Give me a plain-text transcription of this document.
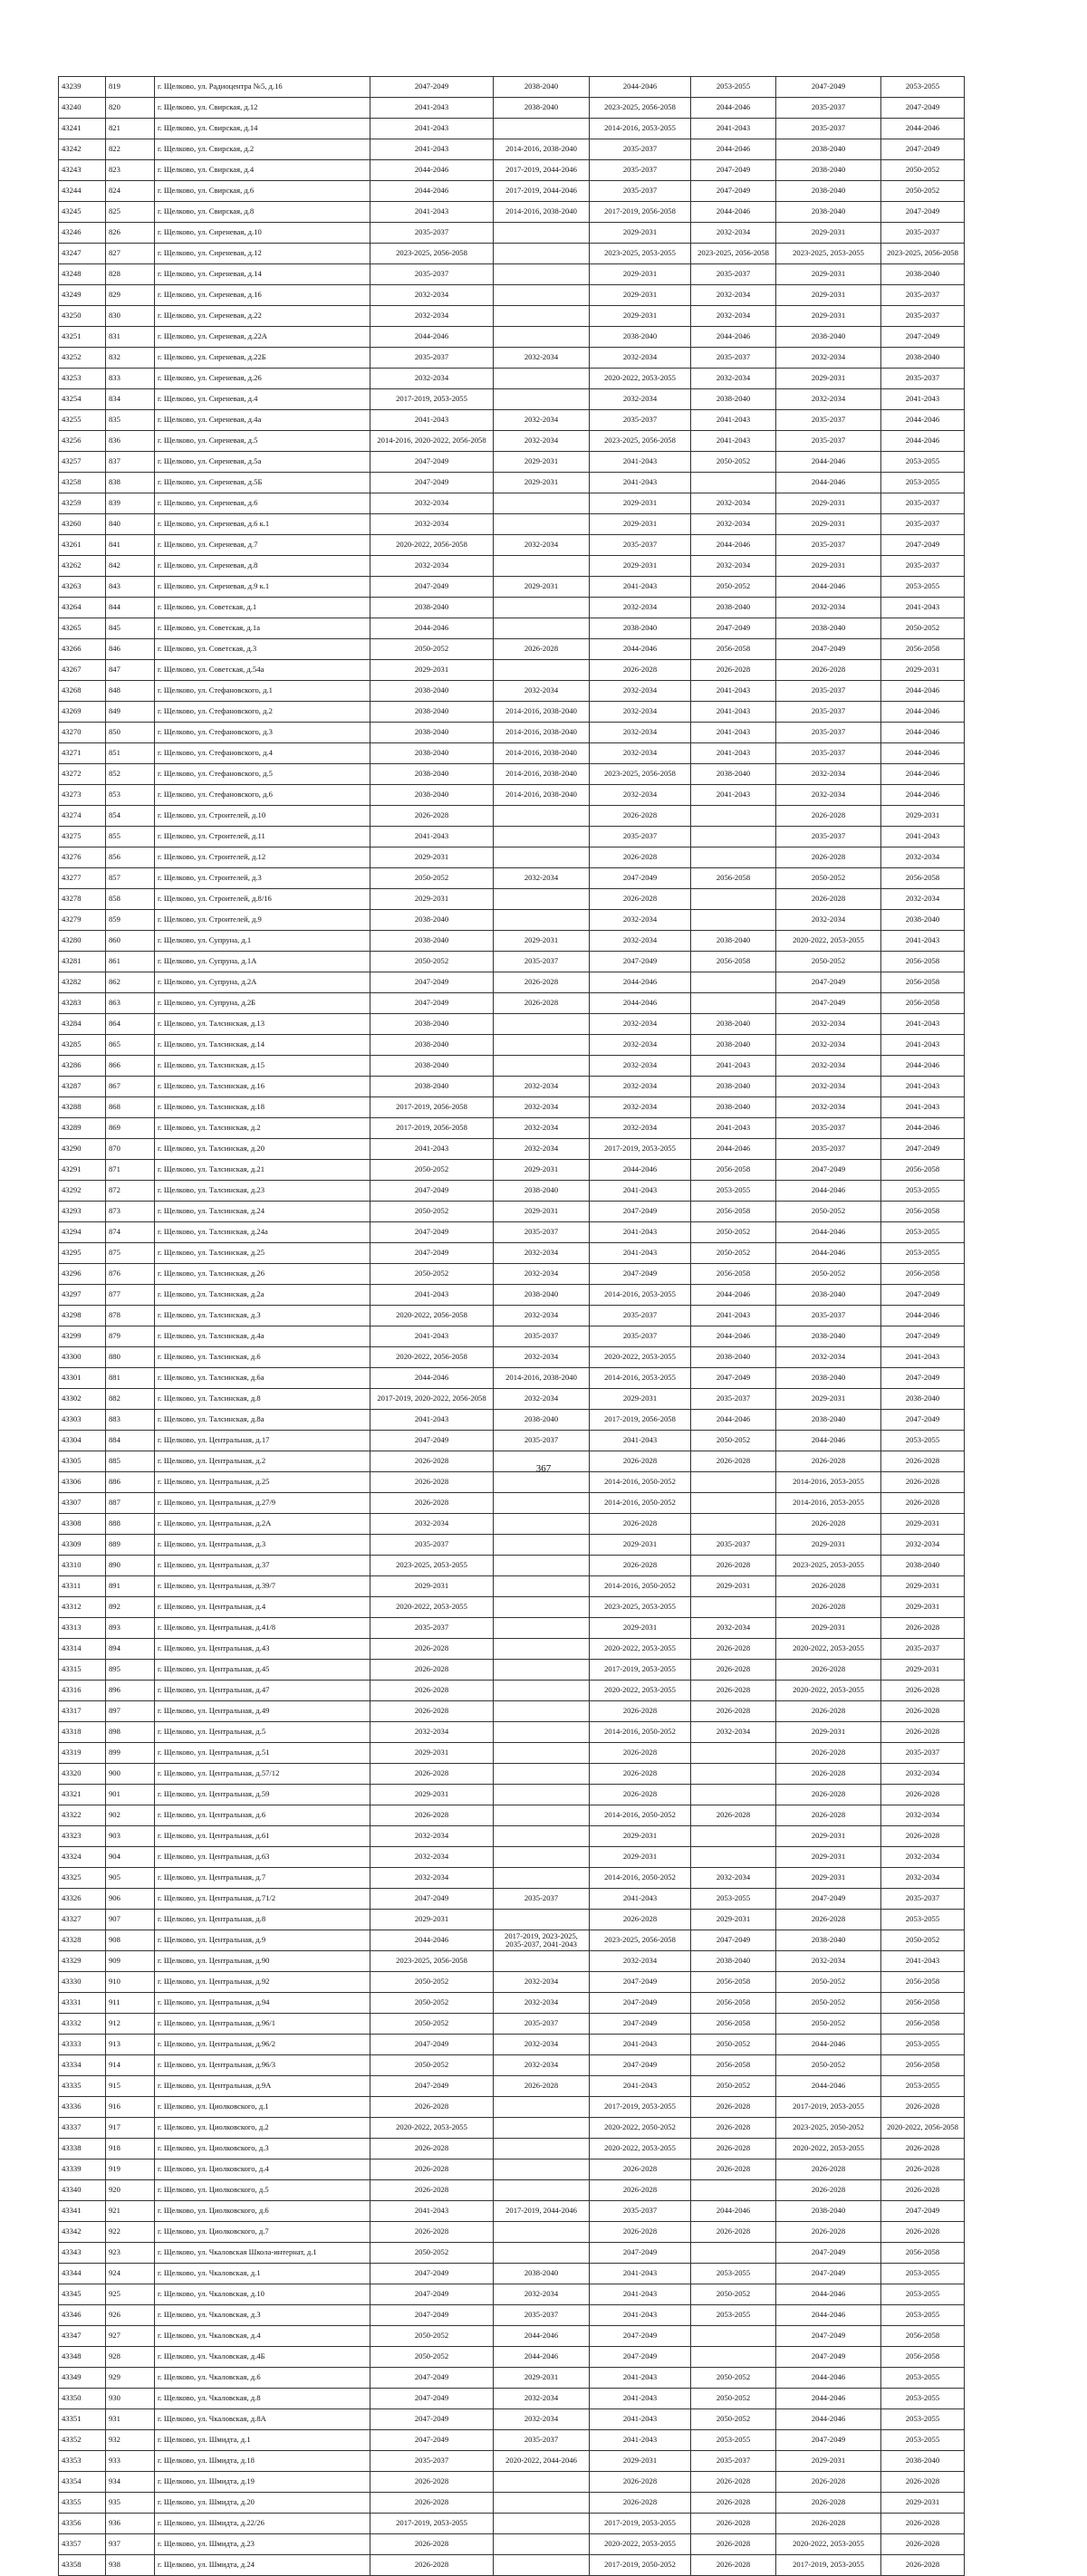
43239	819	г. Щелково, ул. Радиоцентра №5, д.16	2047-2049	2038-2040	2044-2046	2053-2055	2047-2049	2053-2055
43240	820	г. Щелково, ул. Свирская, д.12	2041-2043	2038-2040	2023-2025, 2056-2058	2044-2046	2035-2037	2047-2049
43241	821	г. Щелково, ул. Свирская, д.14	2041-2043		2014-2016, 2053-2055	2041-2043	2035-2037	2044-2046
43242	822	г. Щелково, ул. Свирская, д.2	2041-2043	2014-2016, 2038-2040	2035-2037	2044-2046	2038-2040	2047-2049
43243	823	г. Щелково, ул. Свирская, д.4	2044-2046	2017-2019, 2044-2046	2035-2037	2047-2049	2038-2040	2050-2052
43244	824	г. Щелково, ул. Свирская, д.6	2044-2046	2017-2019, 2044-2046	2035-2037	2047-2049	2038-2040	2050-2052
43245	825	г. Щелково, ул. Свирская, д.8	2041-2043	2014-2016, 2038-2040	2017-2019, 2056-2058	2044-2046	2038-2040	2047-2049
43246	826	г. Щелково, ул. Сиреневая, д.10	2035-2037		2029-2031	2032-2034	2029-2031	2035-2037
43247	827	г. Щелково, ул. Сиреневая, д.12	2023-2025, 2056-2058		2023-2025, 2053-2055	2023-2025, 2056-2058	2023-2025, 2053-2055	2023-2025, 2056-2058
43248	828	г. Щелково, ул. Сиреневая, д.14	2035-2037		2029-2031	2035-2037	2029-2031	2038-2040
43249	829	г. Щелково, ул. Сиреневая, д.16	2032-2034		2029-2031	2032-2034	2029-2031	2035-2037
43250	830	г. Щелково, ул. Сиреневая, д.22	2032-2034		2029-2031	2032-2034	2029-2031	2035-2037
43251	831	г. Щелково, ул. Сиреневая, д.22А	2044-2046		2038-2040	2044-2046	2038-2040	2047-2049
43252	832	г. Щелково, ул. Сиреневая, д.22Б	2035-2037	2032-2034	2032-2034	2035-2037	2032-2034	2038-2040
43253	833	г. Щелково, ул. Сиреневая, д.26	2032-2034		2020-2022, 2053-2055	2032-2034	2029-2031	2035-2037
43254	834	г. Щелково, ул. Сиреневая, д.4	2017-2019, 2053-2055		2032-2034	2038-2040	2032-2034	2041-2043
43255	835	г. Щелково, ул. Сиреневая, д.4а	2041-2043	2032-2034	2035-2037	2041-2043	2035-2037	2044-2046
43256	836	г. Щелково, ул. Сиреневая, д.5	2014-2016, 2020-2022, 2056-2058	2032-2034	2023-2025, 2056-2058	2041-2043	2035-2037	2044-2046
43257	837	г. Щелково, ул. Сиреневая, д.5а	2047-2049	2029-2031	2041-2043	2050-2052	2044-2046	2053-2055
43258	838	г. Щелково, ул. Сиреневая, д.5Б	2047-2049	2029-2031	2041-2043		2044-2046	2053-2055
43259	839	г. Щелково, ул. Сиреневая, д.6	2032-2034		2029-2031	2032-2034	2029-2031	2035-2037
43260	840	г. Щелково, ул. Сиреневая, д.6 к.1	2032-2034		2029-2031	2032-2034	2029-2031	2035-2037
43261	841	г. Щелково, ул. Сиреневая, д.7	2020-2022, 2056-2058	2032-2034	2035-2037	2044-2046	2035-2037	2047-2049
43262	842	г. Щелково, ул. Сиреневая, д.8	2032-2034		2029-2031	2032-2034	2029-2031	2035-2037
43263	843	г. Щелково, ул. Сиреневая, д.9 к.1	2047-2049	2029-2031	2041-2043	2050-2052	2044-2046	2053-2055
43264	844	г. Щелково, ул. Советская, д.1	2038-2040		2032-2034	2038-2040	2032-2034	2041-2043
43265	845	г. Щелково, ул. Советская, д.1а	2044-2046		2038-2040	2047-2049	2038-2040	2050-2052
43266	846	г. Щелково, ул. Советская, д.3	2050-2052	2026-2028	2044-2046	2056-2058	2047-2049	2056-2058
43267	847	г. Щелково, ул. Советская, д.54а	2029-2031		2026-2028	2026-2028	2026-2028	2029-2031
43268	848	г. Щелково, ул. Стефановского, д.1	2038-2040	2032-2034	2032-2034	2041-2043	2035-2037	2044-2046
43269	849	г. Щелково, ул. Стефановского, д.2	2038-2040	2014-2016, 2038-2040	2032-2034	2041-2043	2035-2037	2044-2046
43270	850	г. Щелково, ул. Стефановского, д.3	2038-2040	2014-2016, 2038-2040	2032-2034	2041-2043	2035-2037	2044-2046
43271	851	г. Щелково, ул. Стефановского, д.4	2038-2040	2014-2016, 2038-2040	2032-2034	2041-2043	2035-2037	2044-2046
43272	852	г. Щелково, ул. Стефановского, д.5	2038-2040	2014-2016, 2038-2040	2023-2025, 2056-2058	2038-2040	2032-2034	2044-2046
43273	853	г. Щелково, ул. Стефановского, д.6	2038-2040	2014-2016, 2038-2040	2032-2034	2041-2043	2032-2034	2044-2046
43274	854	г. Щелково, ул. Строителей, д.10	2026-2028		2026-2028		2026-2028	2029-2031
43275	855	г. Щелково, ул. Строителей, д.11	2041-2043		2035-2037		2035-2037	2041-2043
43276	856	г. Щелково, ул. Строителей, д.12	2029-2031		2026-2028		2026-2028	2032-2034
43277	857	г. Щелково, ул. Строителей, д.3	2050-2052	2032-2034	2047-2049	2056-2058	2050-2052	2056-2058
43278	858	г. Щелково, ул. Строителей, д.8/16	2029-2031		2026-2028		2026-2028	2032-2034
43279	859	г. Щелково, ул. Строителей, д.9	2038-2040		2032-2034		2032-2034	2038-2040
43280	860	г. Щелково, ул. Супруна, д.1	2038-2040	2029-2031	2032-2034	2038-2040	2020-2022, 2053-2055	2041-2043
43281	861	г. Щелково, ул. Супруна, д.1А	2050-2052	2035-2037	2047-2049	2056-2058	2050-2052	2056-2058
43282	862	г. Щелково, ул. Супруна, д.2А	2047-2049	2026-2028	2044-2046		2047-2049	2056-2058
43283	863	г. Щелково, ул. Супруна, д.2Б	2047-2049	2026-2028	2044-2046		2047-2049	2056-2058
43284	864	г. Щелково, ул. Талсинская, д.13	2038-2040		2032-2034	2038-2040	2032-2034	2041-2043
43285	865	г. Щелково, ул. Талсинская, д.14	2038-2040		2032-2034	2038-2040	2032-2034	2041-2043
43286	866	г. Щелково, ул. Талсинская, д.15	2038-2040		2032-2034	2041-2043	2032-2034	2044-2046
43287	867	г. Щелково, ул. Талсинская, д.16	2038-2040	2032-2034	2032-2034	2038-2040	2032-2034	2041-2043
43288	868	г. Щелково, ул. Талсинская, д.18	2017-2019, 2056-2058	2032-2034	2032-2034	2038-2040	2032-2034	2041-2043
43289	869	г. Щелково, ул. Талсинская, д.2	2017-2019, 2056-2058	2032-2034	2032-2034	2041-2043	2035-2037	2044-2046
43290	870	г. Щелково, ул. Талсинская, д.20	2041-2043	2032-2034	2017-2019, 2053-2055	2044-2046	2035-2037	2047-2049
43291	871	г. Щелково, ул. Талсинская, д.21	2050-2052	2029-2031	2044-2046	2056-2058	2047-2049	2056-2058
43292	872	г. Щелково, ул. Талсинская, д.23	2047-2049	2038-2040	2041-2043	2053-2055	2044-2046	2053-2055
43293	873	г. Щелково, ул. Талсинская, д.24	2050-2052	2029-2031	2047-2049	2056-2058	2050-2052	2056-2058
43294	874	г. Щелково, ул. Талсинская, д.24а	2047-2049	2035-2037	2041-2043	2050-2052	2044-2046	2053-2055
43295	875	г. Щелково, ул. Талсинская, д.25	2047-2049	2032-2034	2041-2043	2050-2052	2044-2046	2053-2055
43296	876	г. Щелково, ул. Талсинская, д.26	2050-2052	2032-2034	2047-2049	2056-2058	2050-2052	2056-2058
43297	877	г. Щелково, ул. Талсинская, д.2а	2041-2043	2038-2040	2014-2016, 2053-2055	2044-2046	2038-2040	2047-2049
43298	878	г. Щелково, ул. Талсинская, д.3	2020-2022, 2056-2058	2032-2034	2035-2037	2041-2043	2035-2037	2044-2046
43299	879	г. Щелково, ул. Талсинская, д.4а	2041-2043	2035-2037	2035-2037	2044-2046	2038-2040	2047-2049
43300	880	г. Щелково, ул. Талсинская, д.6	2020-2022, 2056-2058	2032-2034	2020-2022, 2053-2055	2038-2040	2032-2034	2041-2043
43301	881	г. Щелково, ул. Талсинская, д.6а	2044-2046	2014-2016, 2038-2040	2014-2016, 2053-2055	2047-2049	2038-2040	2047-2049
43302	882	г. Щелково, ул. Талсинская, д.8	2017-2019, 2020-2022, 2056-2058	2032-2034	2029-2031	2035-2037	2029-2031	2038-2040
43303	883	г. Щелково, ул. Талсинская, д.8а	2041-2043	2038-2040	2017-2019, 2056-2058	2044-2046	2038-2040	2047-2049
43304	884	г. Щелково, ул. Центральная, д.17	2047-2049	2035-2037	2041-2043	2050-2052	2044-2046	2053-2055
43305	885	г. Щелково, ул. Центральная, д.2	2026-2028		2026-2028	2026-2028	2026-2028	2026-2028
43306	886	г. Щелково, ул. Центральная, д.25	2026-2028		2014-2016, 2050-2052		2014-2016, 2053-2055	2026-2028
43307	887	г. Щелково, ул. Центральная, д.27/9	2026-2028		2014-2016, 2050-2052		2014-2016, 2053-2055	2026-2028
43308	888	г. Щелково, ул. Центральная, д.2А	2032-2034		2026-2028		2026-2028	2029-2031
43309	889	г. Щелково, ул. Центральная, д.3	2035-2037		2029-2031	2035-2037	2029-2031	2032-2034
43310	890	г. Щелково, ул. Центральная, д.37	2023-2025, 2053-2055		2026-2028	2026-2028	2023-2025, 2053-2055	2038-2040
43311	891	г. Щелково, ул. Центральная, д.39/7	2029-2031		2014-2016, 2050-2052	2029-2031	2026-2028	2029-2031
43312	892	г. Щелково, ул. Центральная, д.4	2020-2022, 2053-2055		2023-2025, 2053-2055		2026-2028	2029-2031
43313	893	г. Щелково, ул. Центральная, д.41/8	2035-2037		2029-2031	2032-2034	2029-2031	2026-2028
43314	894	г. Щелково, ул. Центральная, д.43	2026-2028		2020-2022, 2053-2055	2026-2028	2020-2022, 2053-2055	2035-2037
43315	895	г. Щелково, ул. Центральная, д.45	2026-2028		2017-2019, 2053-2055	2026-2028	2026-2028	2029-2031
43316	896	г. Щелково, ул. Центральная, д.47	2026-2028		2020-2022, 2053-2055	2026-2028	2020-2022, 2053-2055	2026-2028
43317	897	г. Щелково, ул. Центральная, д.49	2026-2028		2026-2028	2026-2028	2026-2028	2026-2028
43318	898	г. Щелково, ул. Центральная, д.5	2032-2034		2014-2016, 2050-2052	2032-2034	2029-2031	2026-2028
43319	899	г. Щелково, ул. Центральная, д.51	2029-2031		2026-2028		2026-2028	2035-2037
43320	900	г. Щелково, ул. Центральная, д.57/12	2026-2028		2026-2028		2026-2028	2032-2034
43321	901	г. Щелково, ул. Центральная, д.59	2029-2031		2026-2028		2026-2028	2026-2028
43322	902	г. Щелково, ул. Центральная, д.6	2026-2028		2014-2016, 2050-2052	2026-2028	2026-2028	2032-2034
43323	903	г. Щелково, ул. Центральная, д.61	2032-2034		2029-2031		2029-2031	2026-2028
43324	904	г. Щелково, ул. Центральная, д.63	2032-2034		2029-2031		2029-2031	2032-2034
43325	905	г. Щелково, ул. Центральная, д.7	2032-2034		2014-2016, 2050-2052	2032-2034	2029-2031	2032-2034
43326	906	г. Щелково, ул. Центральная, д.71/2	2047-2049	2035-2037	2041-2043	2053-2055	2047-2049	2035-2037
43327	907	г. Щелково, ул. Центральная, д.8	2029-2031		2026-2028	2029-2031	2026-2028	2053-2055
43328	908	г. Щелково, ул. Центральная, д.9	2044-2046	2017-2019, 2023-2025, 2035-2037, 2041-2043	2023-2025, 2056-2058	2047-2049	2038-2040	2050-2052
43329	909	г. Щелково, ул. Центральная, д.90	2023-2025, 2056-2058		2032-2034	2038-2040	2032-2034	2041-2043
43330	910	г. Щелково, ул. Центральная, д.92	2050-2052	2032-2034	2047-2049	2056-2058	2050-2052	2056-2058
43331	911	г. Щелково, ул. Центральная, д.94	2050-2052	2032-2034	2047-2049	2056-2058	2050-2052	2056-2058
43332	912	г. Щелково, ул. Центральная, д.96/1	2050-2052	2035-2037	2047-2049	2056-2058	2050-2052	2056-2058
43333	913	г. Щелково, ул. Центральная, д.96/2	2047-2049	2032-2034	2041-2043	2050-2052	2044-2046	2053-2055
43334	914	г. Щелково, ул. Центральная, д.96/3	2050-2052	2032-2034	2047-2049	2056-2058	2050-2052	2056-2058
43335	915	г. Щелково, ул. Центральная, д.9А	2047-2049	2026-2028	2041-2043	2050-2052	2044-2046	2053-2055
43336	916	г. Щелково, ул. Циолковского, д.1	2026-2028		2017-2019, 2053-2055	2026-2028	2017-2019, 2053-2055	2026-2028
43337	917	г. Щелково, ул. Циолковского, д.2	2020-2022, 2053-2055		2020-2022, 2050-2052	2026-2028	2023-2025, 2050-2052	2020-2022, 2056-2058
43338	918	г. Щелково, ул. Циолковского, д.3	2026-2028		2020-2022, 2053-2055	2026-2028	2020-2022, 2053-2055	2026-2028
43339	919	г. Щелково, ул. Циолковского, д.4	2026-2028		2026-2028	2026-2028	2026-2028	2026-2028
43340	920	г. Щелково, ул. Циолковского, д.5	2026-2028		2026-2028		2026-2028	2026-2028
43341	921	г. Щелково, ул. Циолковского, д.6	2041-2043	2017-2019, 2044-2046	2035-2037	2044-2046	2038-2040	2047-2049
43342	922	г. Щелково, ул. Циолковского, д.7	2026-2028		2026-2028	2026-2028	2026-2028	2026-2028
43343	923	г. Щелково, ул. Чкаловская Школа-интернат, д.1	2050-2052		2047-2049		2047-2049	2056-2058
43344	924	г. Щелково, ул. Чкаловская, д.1	2047-2049	2038-2040	2041-2043	2053-2055	2047-2049	2053-2055
43345	925	г. Щелково, ул. Чкаловская, д.10	2047-2049	2032-2034	2041-2043	2050-2052	2044-2046	2053-2055
43346	926	г. Щелково, ул. Чкаловская, д.3	2047-2049	2035-2037	2041-2043	2053-2055	2044-2046	2053-2055
43347	927	г. Щелково, ул. Чкаловская, д.4	2050-2052	2044-2046	2047-2049		2047-2049	2056-2058
43348	928	г. Щелково, ул. Чкаловская, д.4Б	2050-2052	2044-2046	2047-2049		2047-2049	2056-2058
43349	929	г. Щелково, ул. Чкаловская, д.6	2047-2049	2029-2031	2041-2043	2050-2052	2044-2046	2053-2055
43350	930	г. Щелково, ул. Чкаловская, д.8	2047-2049	2032-2034	2041-2043	2050-2052	2044-2046	2053-2055
43351	931	г. Щелково, ул. Чкаловская, д.8А	2047-2049	2032-2034	2041-2043	2050-2052	2044-2046	2053-2055
43352	932	г. Щелково, ул. Шмидта, д.1	2047-2049	2035-2037	2041-2043	2053-2055	2047-2049	2053-2055
43353	933	г. Щелково, ул. Шмидта, д.18	2035-2037	2020-2022, 2044-2046	2029-2031	2035-2037	2029-2031	2038-2040
43354	934	г. Щелково, ул. Шмидта, д.19	2026-2028		2026-2028	2026-2028	2026-2028	2026-2028
43355	935	г. Щелково, ул. Шмидта, д.20	2026-2028		2026-2028	2026-2028	2026-2028	2029-2031
43356	936	г. Щелково, ул. Шмидта, д.22/26	2017-2019, 2053-2055		2017-2019, 2053-2055	2026-2028	2026-2028	2026-2028
43357	937	г. Щелково, ул. Шмидта, д.23	2026-2028		2020-2022, 2053-2055	2026-2028	2020-2022, 2053-2055	2026-2028
43358	938	г. Щелково, ул. Шмидта, д.24	2026-2028		2017-2019, 2050-2052	2026-2028	2017-2019, 2053-2055	2026-2028
367
